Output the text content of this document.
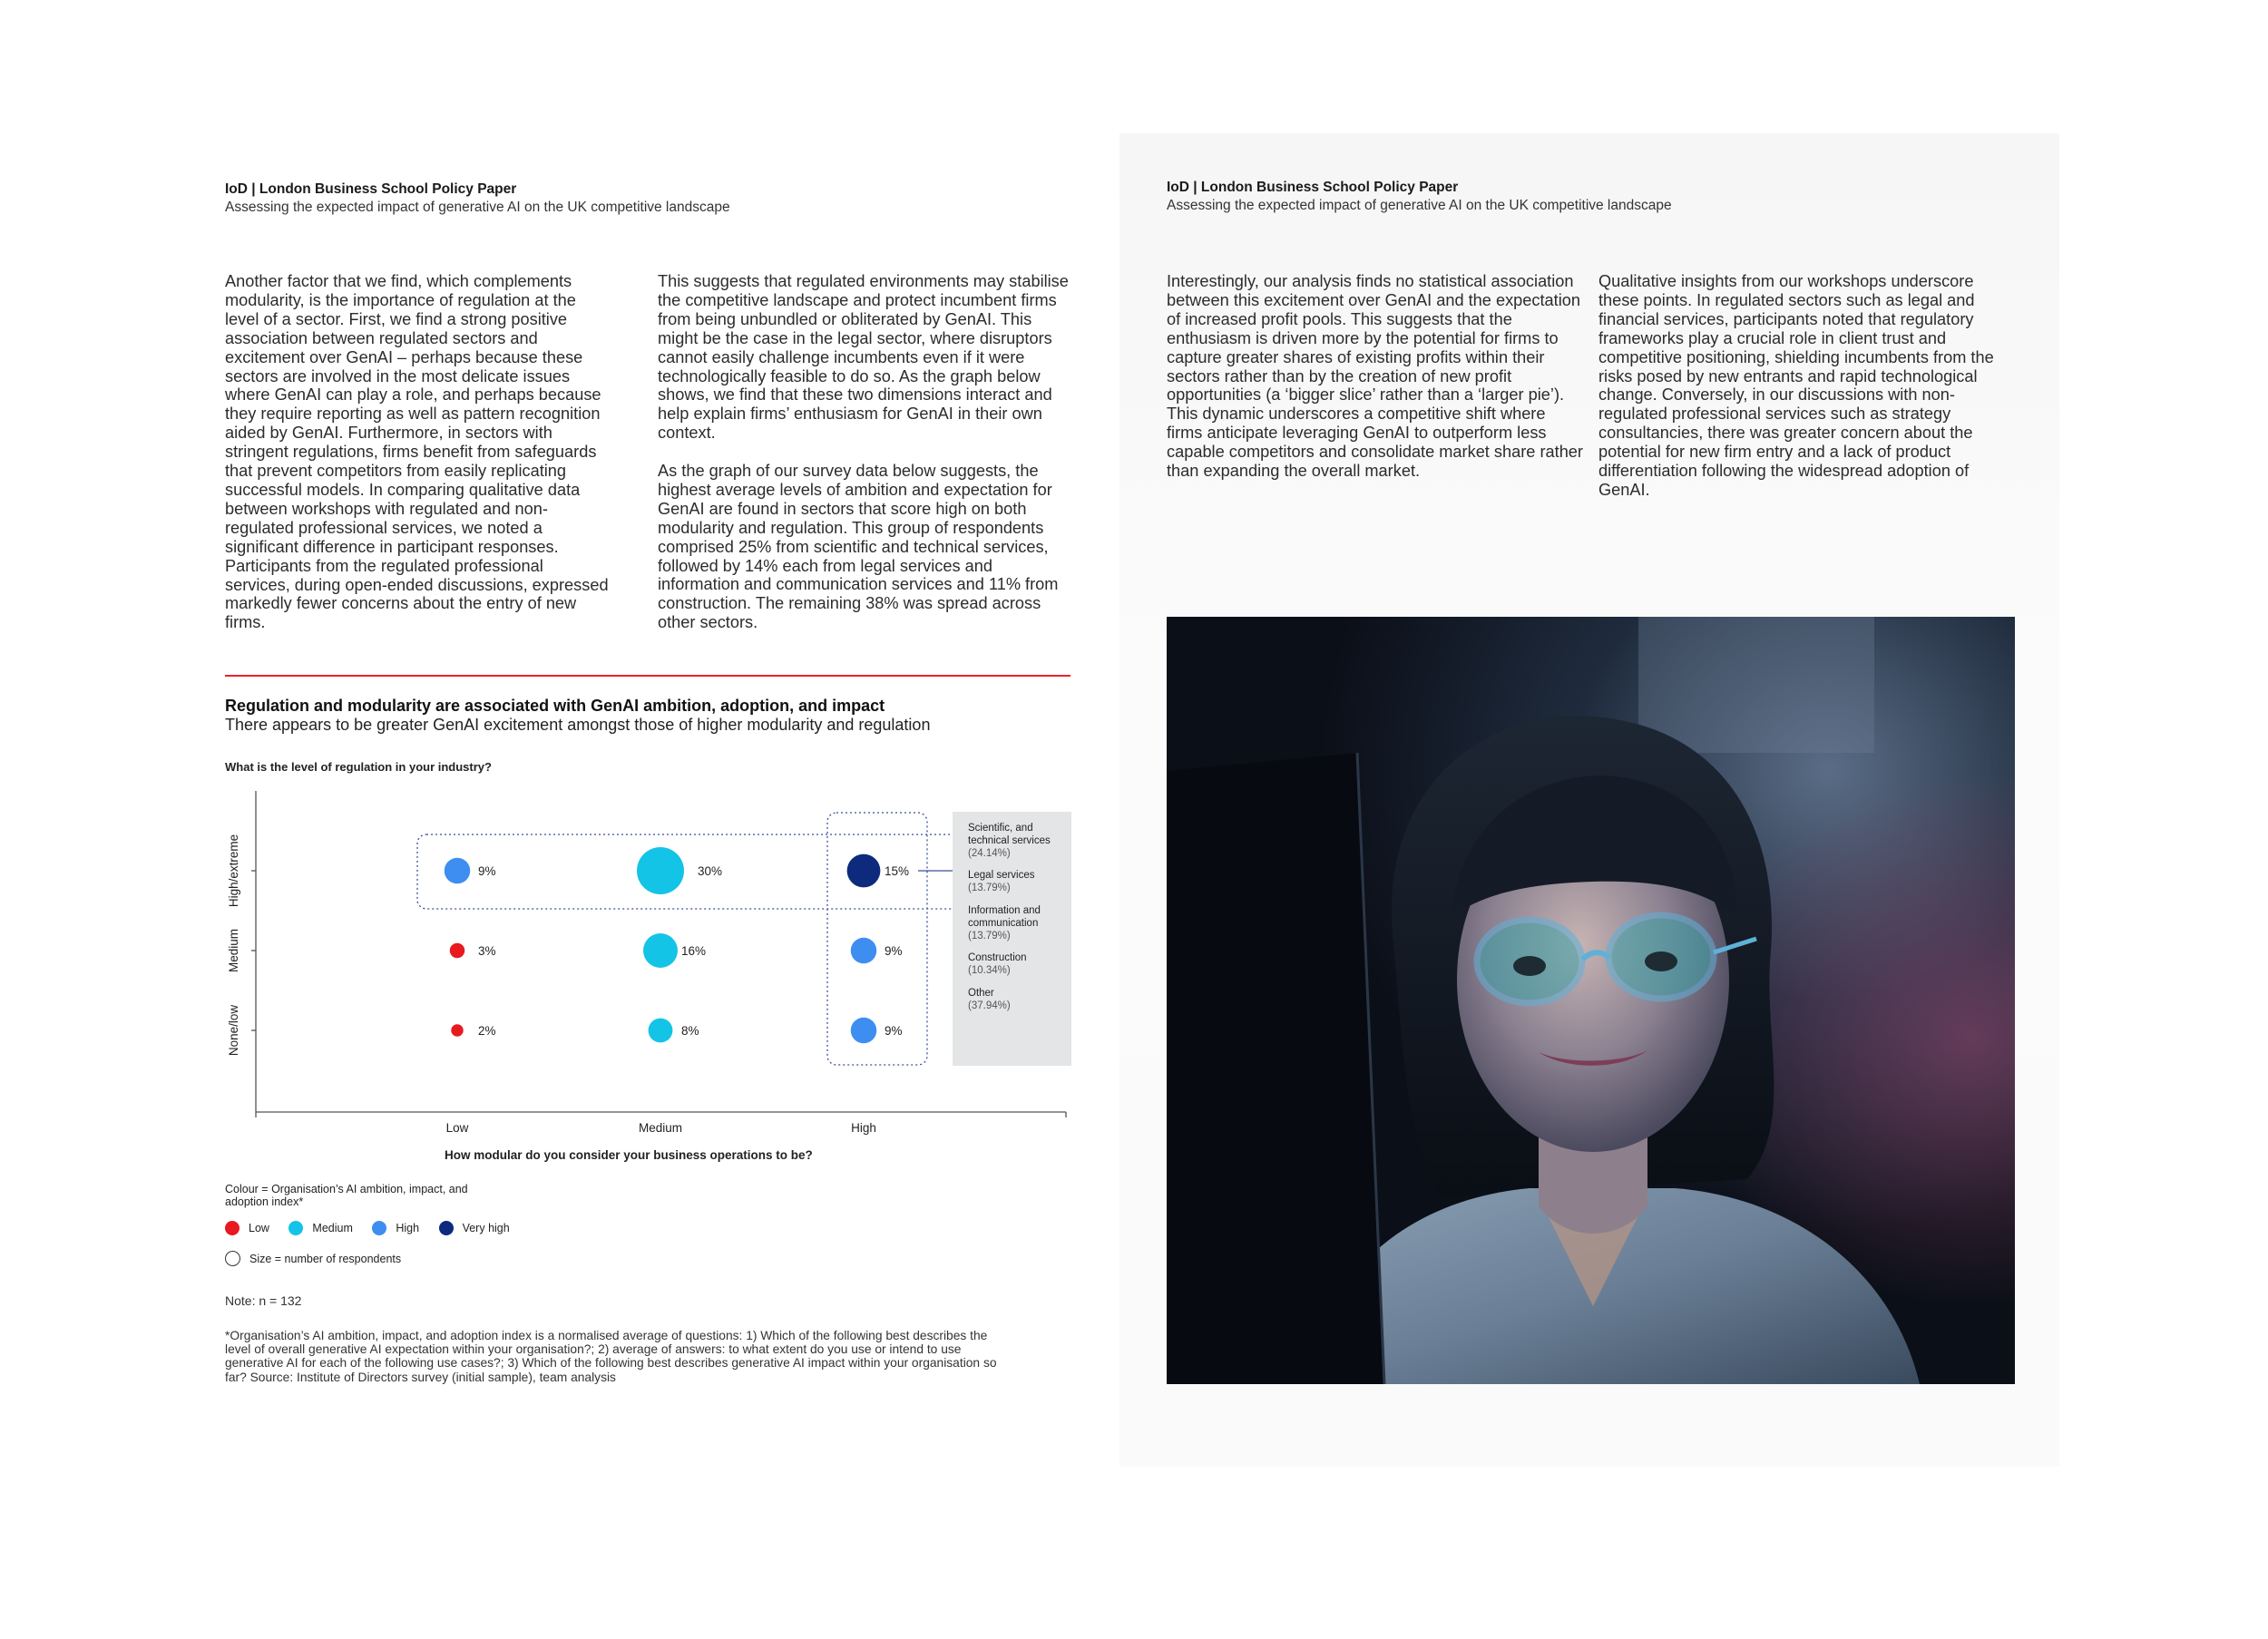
IoD | London Business School Policy Paper
Assessing the expected impact of generative AI on the UK competitive landscape

Another factor that we find, which complements modularity, is the importance of regulation at the level of a sector. First, we find a strong positive association between regulated sectors and excitement over GenAI – perhaps because these sectors are involved in the most delicate issues where GenAI can play a role, and perhaps because they require reporting as well as pattern recognition aided by GenAI. Furthermore, in sectors with stringent regulations, firms benefit from safeguards that prevent competitors from easily replicating successful models. In comparing qualitative data between workshops with regulated and non-regulated professional services, we noted a significant difference in participant responses. Participants from the regulated professional services, during open-ended discussions, expressed markedly fewer concerns about the entry of new firms.

This suggests that regulated environments may stabilise the competitive landscape and protect incumbent firms from being unbundled or obliterated by GenAI. This might be the case in the legal sector, where disruptors cannot easily challenge incumbents even if it were technologically feasible to do so. As the graph below shows, we find that these two dimensions interact and help explain firms’ enthusiasm for GenAI in their own context.

As the graph of our survey data below suggests, the highest average levels of ambition and expectation for GenAI are found in sectors that score high on both modularity and regulation. This group of respondents comprised 25% from scientific and technical services, followed by 14% each from legal services and information and communication services and 11% from construction. The remaining 38% was spread across other sectors.

Regulation and modularity are associated with GenAI ambition, adoption, and impact
There appears to be greater GenAI excitement amongst those of higher modularity and regulation
What is the level of regulation in your industry?
Low	Medium	High
None/low
Medium
High/extreme	9%	30%	15%
3%	16%	9%
2%	8%	9%
How modular do you consider your business operations to be?
Scientific, and technical services
(24.14%)
Legal services
(13.79%)
Information and communication
(13.79%)
Construction
(10.34%)
Other
(37.94%)
Colour = Organisation’s AI ambition, impact, and adoption index*
Low
	Medium
	High
	Very high
Size = number of respondents
Note: n = 132
*Organisation’s AI ambition, impact, and adoption index is a normalised average of questions: 1) Which of the following best describes the level of overall generative AI expectation within your organisation?; 2) average of answers: to what extent do you use or intend to use generative AI for each of the following use cases?; 3) Which of the following best describes generative AI impact within your organisation so far? Source: Institute of Directors survey (initial sample), team analysis
IoD | London Business School Policy Paper
Assessing the expected impact of generative AI on the UK competitive landscape

Interestingly, our analysis finds no statistical association between this excitement over GenAI and the expectation of increased profit pools. This suggests that the enthusiasm is driven more by the potential for firms to capture greater shares of existing profits within their sectors rather than by the creation of new profit opportunities (a ‘bigger slice’ rather than a ‘larger pie’). This dynamic underscores a competitive shift where firms anticipate leveraging GenAI to outperform less capable competitors and consolidate market share rather than expanding the overall market.

Qualitative insights from our workshops underscore these points. In regulated sectors such as legal and financial services, participants noted that regulatory frameworks play a crucial role in client trust and competitive positioning, shielding incumbents from the risks posed by new entrants and rapid technological change. Conversely, in our discussions with non-regulated professional services such as strategy consultancies, there was greater concern about the potential for new firm entry and a lack of product differentiation following the widespread adoption of GenAI.
